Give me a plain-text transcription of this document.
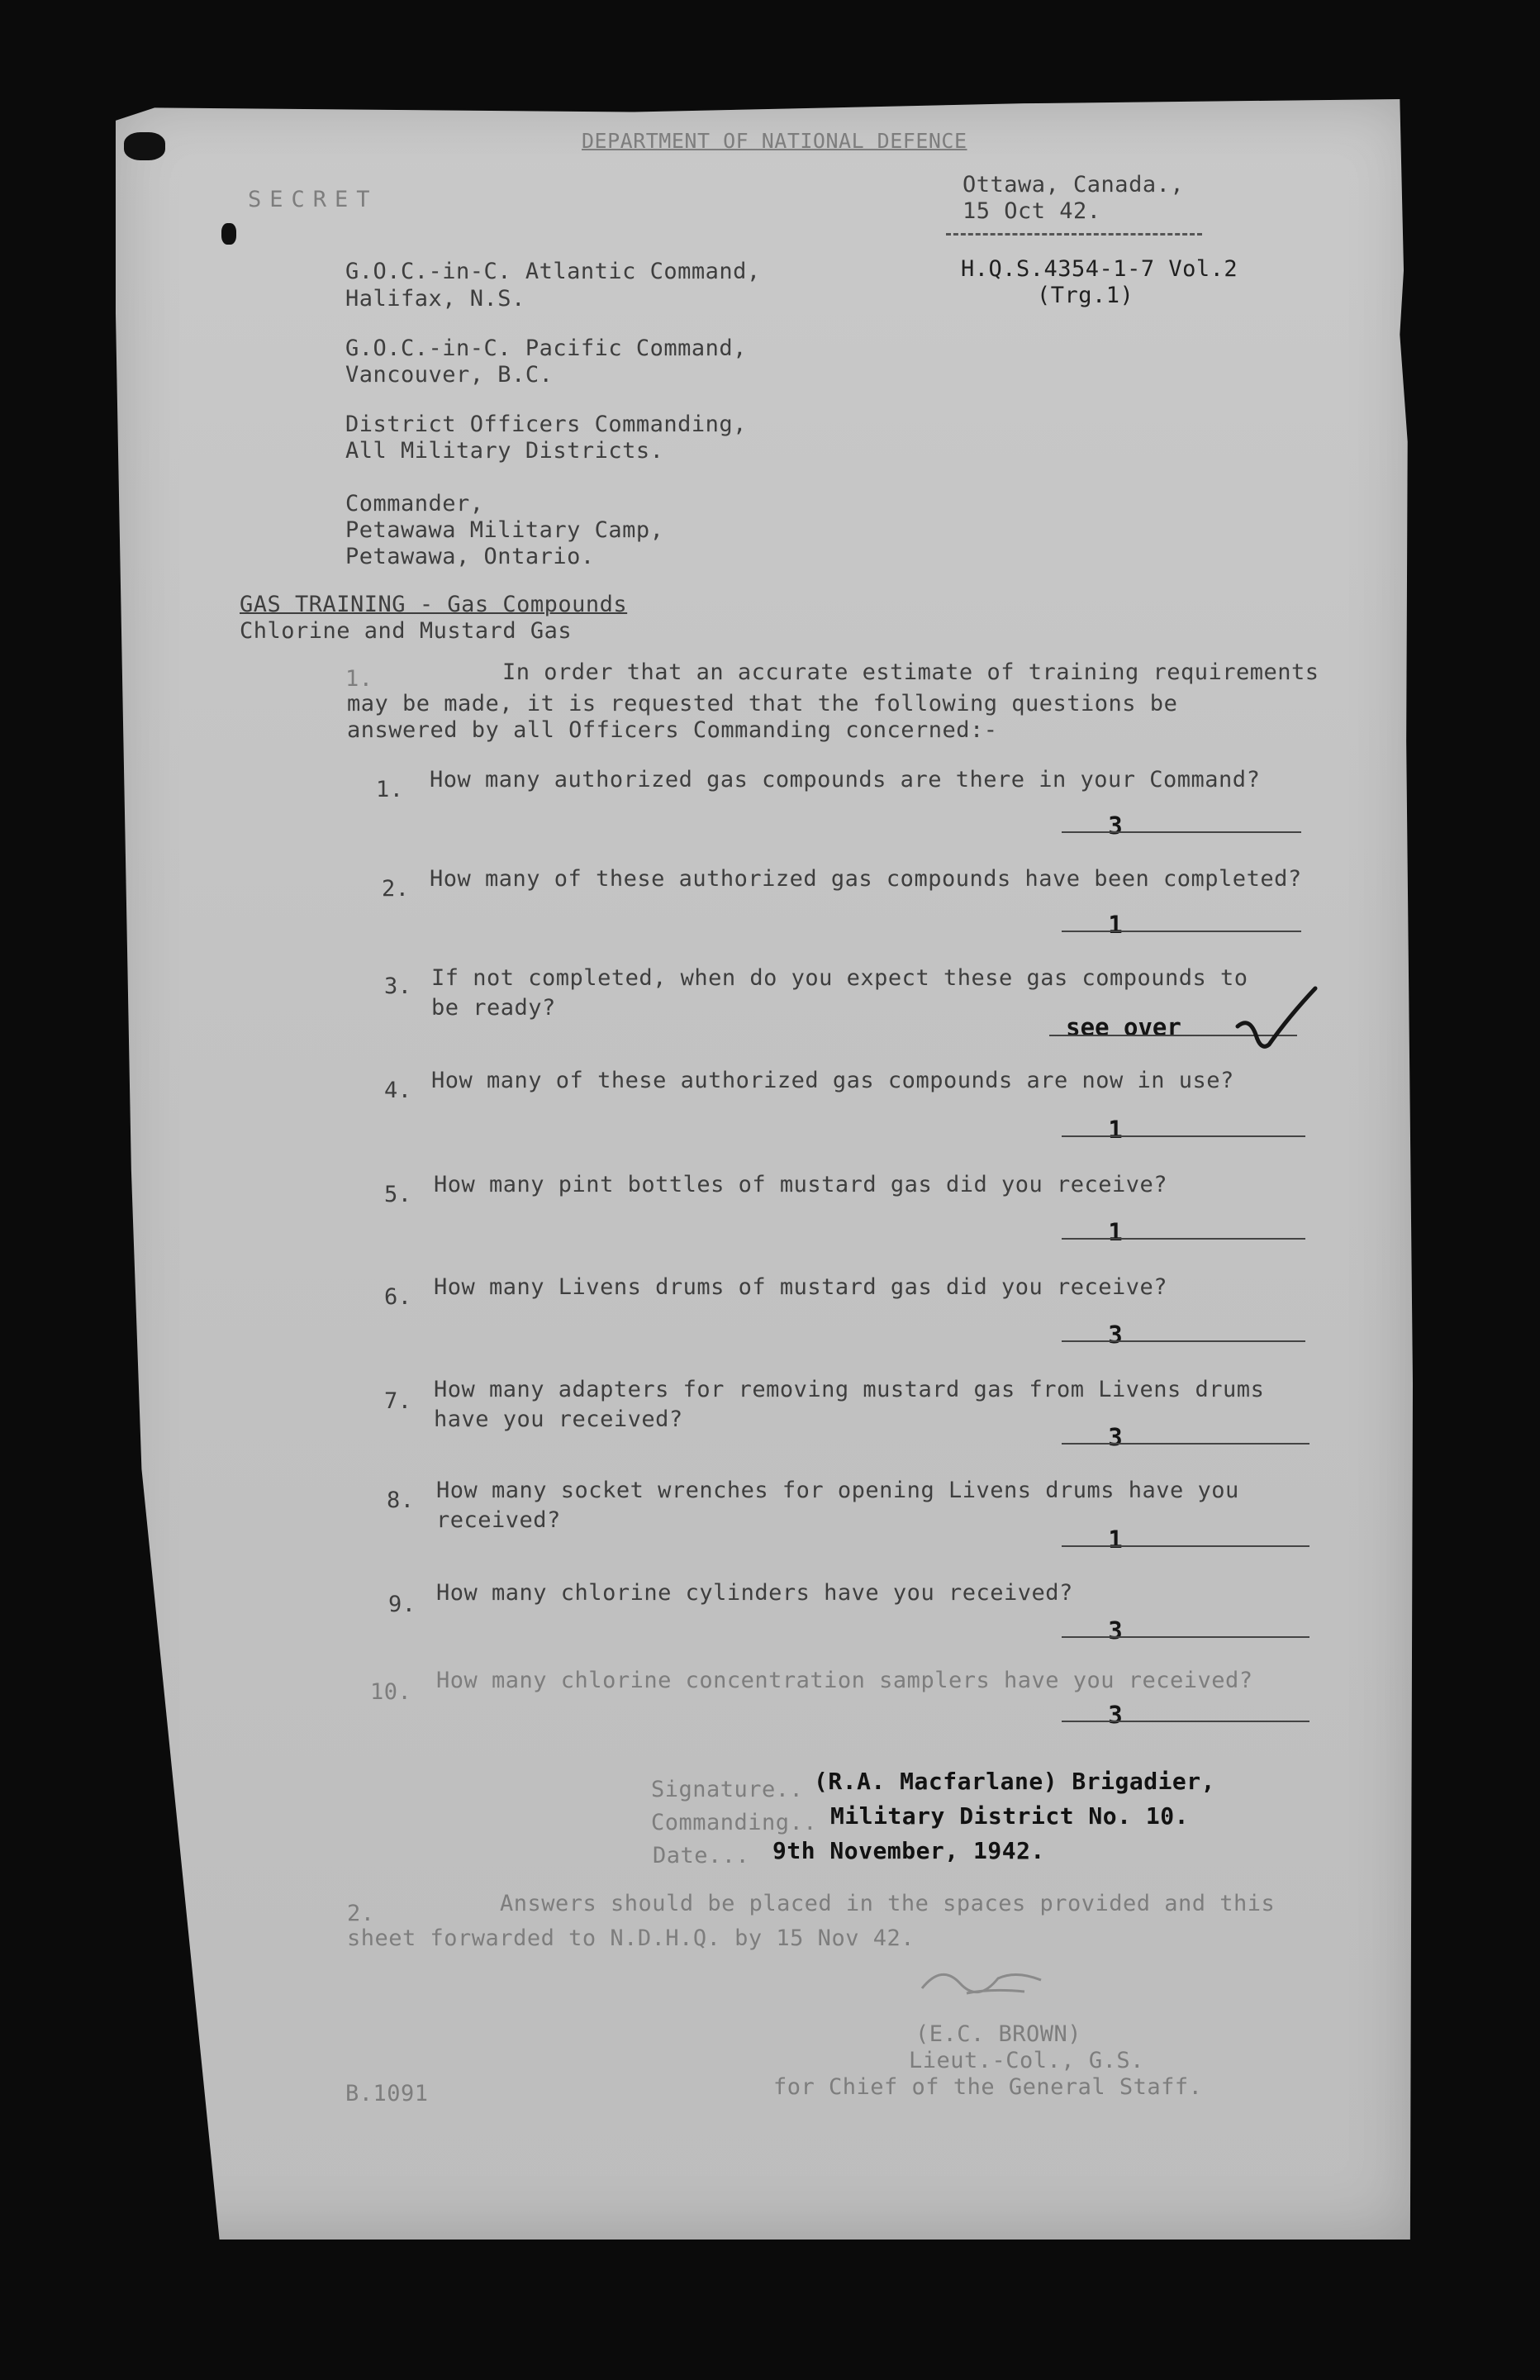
DEPARTMENT OF NATIONAL DEFENCE
SECRET
Ottawa, Canada.,
15 Oct 42.
H.Q.S.4354-1-7 Vol.2
(Trg.1)
G.O.C.-in-C. Atlantic Command,
Halifax, N.S.
G.O.C.-in-C. Pacific Command,
Vancouver, B.C.
District Officers Commanding,
All Military Districts.
Commander,
Petawawa Military Camp,
Petawawa, Ontario.
GAS TRAINING - Gas Compounds
Chlorine and Mustard Gas
1.	In order that an accurate estimate of training requirements
may be made, it is requested that the following questions be
answered by all Officers Commanding concerned:-
1. How many authorized gas compounds are there in your Command?
3
2. How many of these authorized gas compounds have been completed?
1
3. If not completed, when do you expect these gas compounds to
be ready?
see over
4. How many of these authorized gas compounds are now in use?
1
5. How many pint bottles of mustard gas did you receive?
1
6. How many Livens drums of mustard gas did you receive?
3
7. How many adapters for removing mustard gas from Livens drums
have you received?
3
8. How many socket wrenches for opening Livens drums have you
received?
1
9. How many chlorine cylinders have you received?
3
10. How many chlorine concentration samplers have you received?
3
Signature.. (R.A. Macfarlane) Brigadier,
Commanding.. Military District No. 10.
Date... 9th November, 1942.
2.	Answers should be placed in the spaces provided and this
sheet forwarded to N.D.H.Q. by 15 Nov 42.
(E.C. BROWN)
Lieut.-Col., G.S.
for Chief of the General Staff.
B.1091
